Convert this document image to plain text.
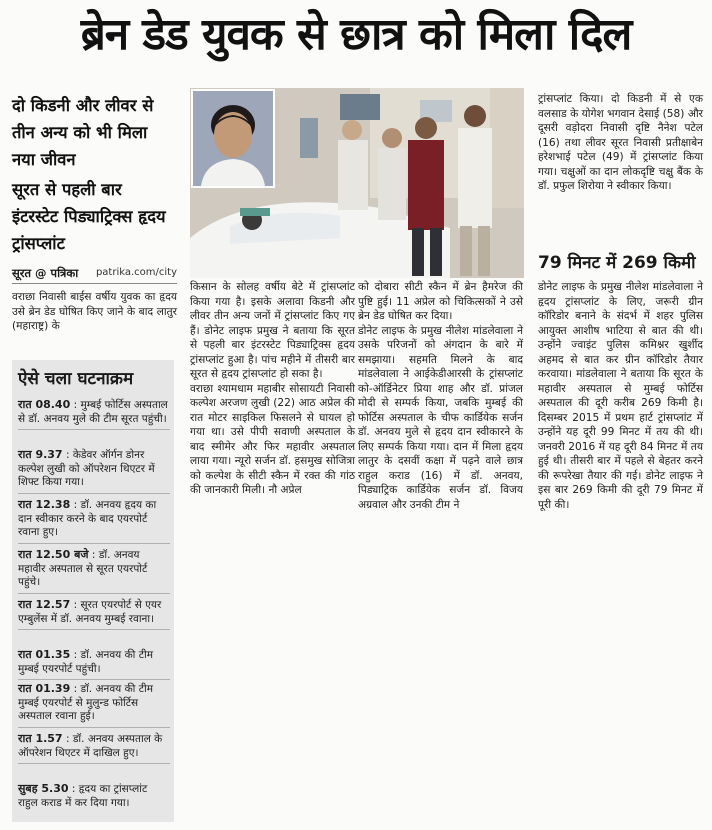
ब्रेन डेड युवक से छात्र को मिला दिल
दो किडनी और लीवर से तीन अन्य को भी मिला नया जीवन
सूरत से पहली बार इंटरस्टेट पिड्याट्रिक्स हृदय ट्रांसप्लांट
सूरत @ पत्रिका patrika.com/city
वराछा निवासी बाईस वर्षीय युवक का हृदय उसे ब्रेन डेड घोषित किए जाने के बाद लातुर (महाराष्ट्र) के
ऐसे चला घटनाक्रम
रात 08.40 : मुम्बई फोर्टिस अस्पताल से डॉ. अनवय मुले की टीम सूरत पहुंची।
रात 9.37 : केडेवर ऑर्गन डोनर कल्पेश लुखी को ऑपरेशन थिएटर में शिफ्ट किया गया।
रात 12.38 : डॉ. अनवय हृदय का दान स्वीकार करने के बाद एयरपोर्ट रवाना हुए।
रात 12.50 बजे : डॉ. अनवय महावीर अस्पताल से सूरत एयरपोर्ट पहुंचे।
रात 12.57 : सूरत एयरपोर्ट से एयर एम्बुलेंस में डॉ. अनवय मुम्बई रवाना।
रात 01.35 : डॉ. अनवय की टीम मुम्बई एयरपोर्ट पहुंची।
रात 01.39 : डॉ. अनवय की टीम मुम्बई एयरपोर्ट से मुलुन्ड फोर्टिस अस्पताल रवाना हुई।
रात 1.57 : डॉ. अनवय अस्पताल के ऑपरेशन थिएटर में दाखिल हुए।
सुबह 5.30 : हृदय का ट्रांसप्लांट राहुल कराड में कर दिया गया।
किसान के सोलह वर्षीय बेटे में ट्रांसप्लांट किया गया है। इसके अलावा किडनी और लीवर तीन अन्य जनों में ट्रांसप्लांट किए गए हैं। डोनेट लाइफ प्रमुख ने बताया कि सूरत से पहली बार इंटरस्टेट पिड्याट्रिक्स हृदय ट्रांसप्लांट हुआ है। पांच महीने में तीसरी बार सूरत से हृदय ट्रांसप्लांट हो सका है।
वराछा श्यामधाम महाबीर सोसायटी निवासी कल्पेश अरजण लुखी (22) आठ अप्रेल की रात मोटर साइकिल फिसलने से घायल हो गया था। उसे पीपी सवाणी अस्पताल के बाद स्मीमेर और फिर महावीर अस्पताल लाया गया। न्यूरो सर्जन डॉ. हसमुख सोजित्रा को कल्पेश के सीटी स्कैन में रक्त की गांठ की जानकारी मिली। नौ अप्रेल
को दोबारा सीटी स्कैन में ब्रेन हैमरेज की पुष्टि हुई। 11 अप्रेल को चिकित्सकों ने उसे ब्रेन डेड घोषित कर दिया।
डोनेट लाइफ के प्रमुख नीलेश मांडलेवाला ने उसके परिजनों को अंगदान के बारे में समझाया। सहमति मिलने के बाद मांडलेवाला ने आईकेडीआरसी के ट्रांसप्लांट को-ऑर्डिनेटर प्रिया शाह और डॉ. प्रांजल मोदी से सम्पर्क किया, जबकि मुम्बई की फोर्टिस अस्पताल के चीफ कार्डियेक सर्जन डॉ. अनवय मुले से हृदय दान स्वीकारने के लिए सम्पर्क किया गया। दान में मिला हृदय लातुर के दसवीं कक्षा में पढ़ने वाले छात्र राहुल कराड (16) में डॉ. अनवय, पिड्याट्रिक कार्डियेक सर्जन डॉ. विजय अग्रवाल और उनकी टीम ने
ट्रांसप्लांट किया। दो किडनी में से एक वलसाड के योगेश भगवान देसाई (58) और दूसरी वड़ोदरा निवासी दृष्टि नैनेश पटेल (16) तथा लीवर सूरत निवासी प्रतीक्षाबेन हरेशभाई पटेल (49) में ट्रांसप्लांट किया गया। चक्षुओं का दान लोकदृष्टि चक्षु बैंक के डॉ. प्रफुल शिरोया ने स्वीकार किया।
79 मिनट में 269 किमी
डोनेट लाइफ के प्रमुख नीलेश मांडलेवाला ने हृदय ट्रांसप्लांट के लिए, जरूरी ग्रीन कॉरिडोर बनाने के संदर्भ में शहर पुलिस आयुक्त आशीष भाटिया से बात की थी। उन्होंने ज्वाइंट पुलिस कमिश्नर खुर्शीद अहमद से बात कर ग्रीन कॉरिडोर तैयार करवाया। मांडलेवाला ने बताया कि सूरत के महावीर अस्पताल से मुम्बई फोर्टिस अस्पताल की दूरी करीब 269 किमी है। दिसम्बर 2015 में प्रथम हार्ट ट्रांसप्लांट में उन्होंने यह दूरी 99 मिनट में तय की थी। जनवरी 2016 में यह दूरी 84 मिनट में तय हुई थी। तीसरी बार में पहले से बेहतर करने की रूपरेखा तैयार की गई। डोनेट लाइफ ने इस बार 269 किमी की दूरी 79 मिनट में पूरी की।
